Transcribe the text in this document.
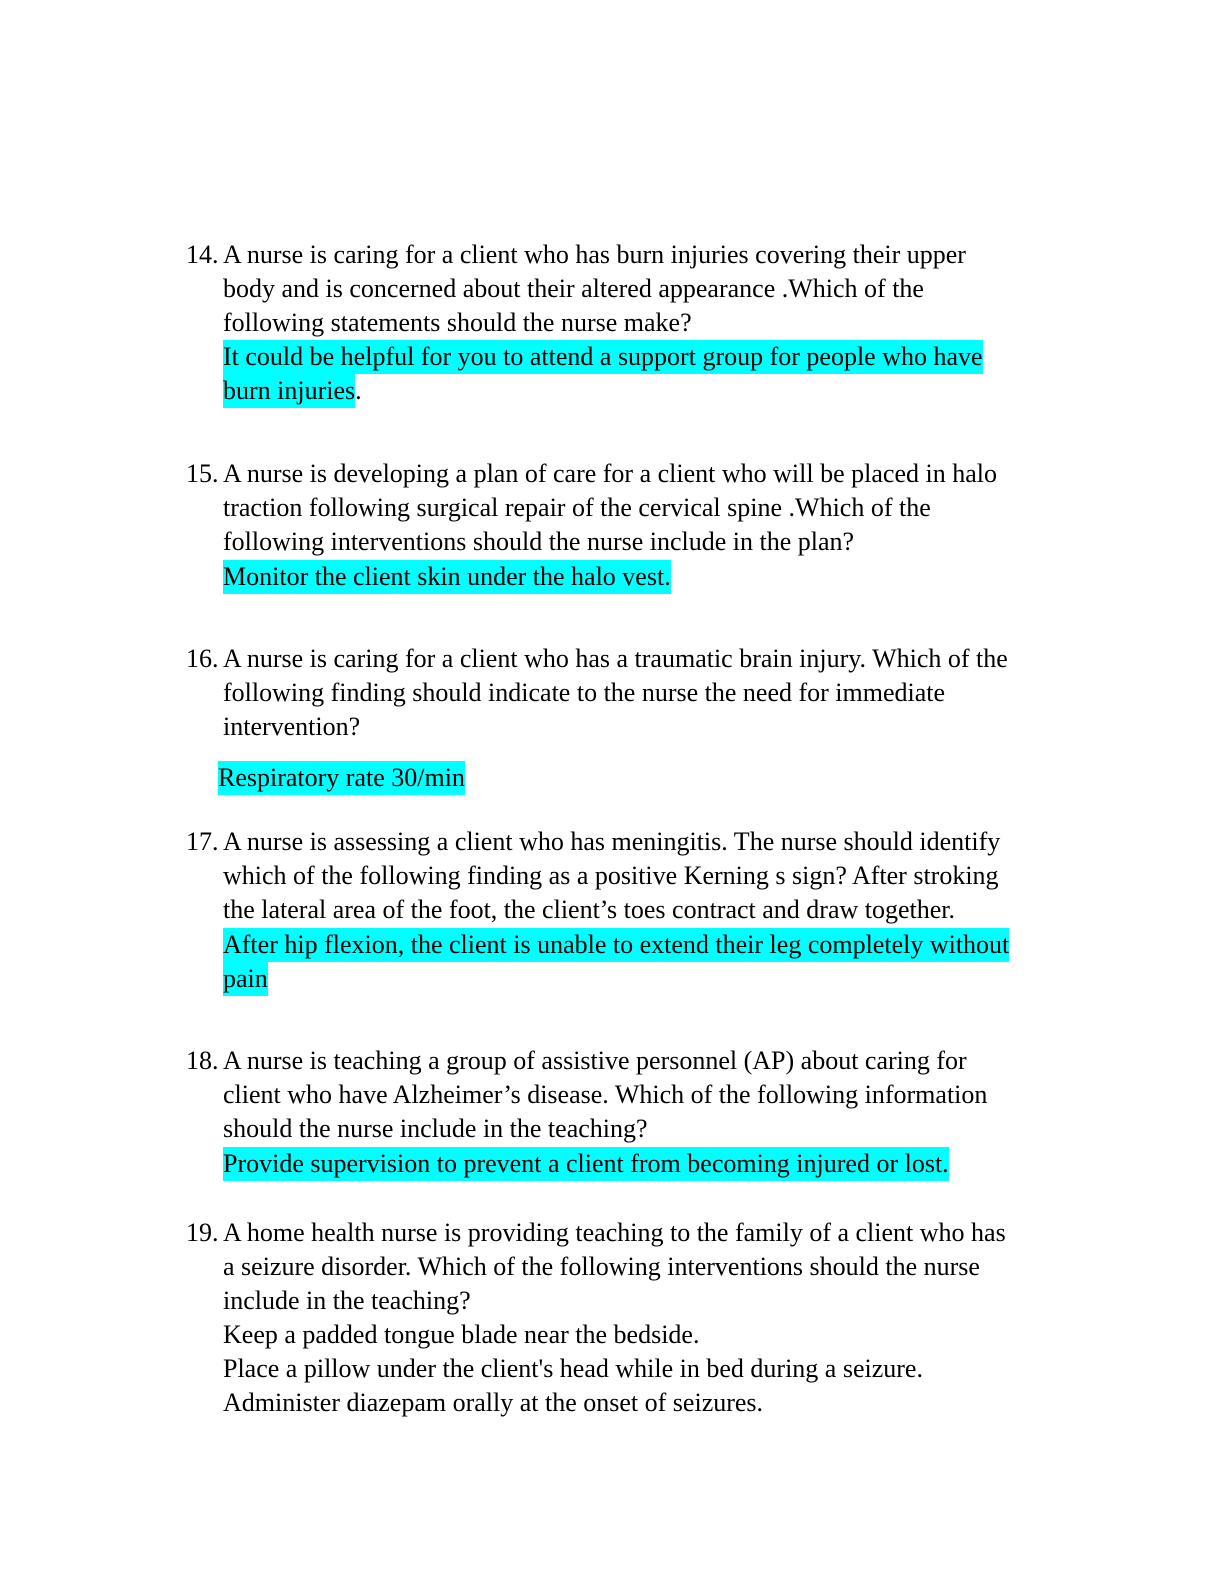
14. A nurse is caring for a client who has burn injuries covering their upper
body and is concerned about their altered appearance .Which of the
following statements should the nurse make?
It could be helpful for you to attend a support group for people who have
burn injuries.
15. A nurse is developing a plan of care for a client who will be placed in halo
traction following surgical repair of the cervical spine .Which of the
following interventions should the nurse include in the plan?
Monitor the client skin under the halo vest.
16. A nurse is caring for a client who has a traumatic brain injury. Which of the
following finding should indicate to the nurse the need for immediate
intervention?
Respiratory rate 30/min
17. A nurse is assessing a client who has meningitis. The nurse should identify
which of the following finding as a positive Kerning s sign? After stroking
the lateral area of the foot, the client’s toes contract and draw together.
After hip flexion, the client is unable to extend their leg completely without
pain
18. A nurse is teaching a group of assistive personnel (AP) about caring for
client who have Alzheimer’s disease. Which of the following information
should the nurse include in the teaching?
Provide supervision to prevent a client from becoming injured or lost.
19. A home health nurse is providing teaching to the family of a client who has
a seizure disorder. Which of the following interventions should the nurse
include in the teaching?
Keep a padded tongue blade near the bedside.
Place a pillow under the client's head while in bed during a seizure.
Administer diazepam orally at the onset of seizures.
